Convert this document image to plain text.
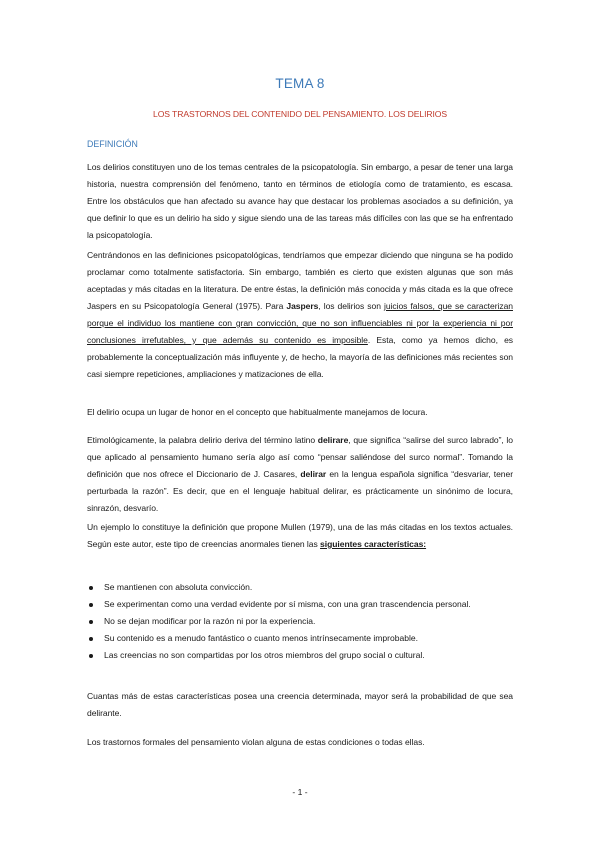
TEMA 8
LOS TRASTORNOS DEL CONTENIDO DEL PENSAMIENTO. LOS DELIRIOS
DEFINICIÓN

Los delirios constituyen uno de los temas centrales de la psicopatología. Sin embargo, a pesar de tener una larga historia, nuestra comprensión del fenómeno, tanto en términos de etiología como de tratamiento, es escasa. Entre los obstáculos que han afectado su avance hay que destacar los problemas asociados a su definición, ya que definir lo que es un delirio ha sido y sigue siendo una de las tareas más difíciles con las que se ha enfrentado la psicopatología.

Centrándonos en las definiciones psicopatológicas, tendríamos que empezar diciendo que ninguna se ha podido proclamar como totalmente satisfactoria. Sin embargo, también es cierto que existen algunas que son más aceptadas y más citadas en la literatura. De entre éstas, la definición más conocida y más citada es la que ofrece Jaspers en su Psicopatología General (1975). Para Jaspers, los delirios son juicios falsos, que se caracterizan porque el individuo los mantiene con gran convicción, que no son influenciables ni por la experiencia ni por conclusiones irrefutables, y que además su contenido es imposible. Esta, como ya hemos dicho, es probablemente la conceptualización más influyente y, de hecho, la mayoría de las definiciones más recientes son casi siempre repeticiones, ampliaciones y matizaciones de ella.

El delirio ocupa un lugar de honor en el concepto que habitualmente manejamos de locura.

Etimológicamente, la palabra delirio deriva del término latino delirare, que significa “salirse del surco labrado”, lo que aplicado al pensamiento humano sería algo así como “pensar saliéndose del surco normal”. Tomando la definición que nos ofrece el Diccionario de J. Casares, delirar en la lengua española significa “desvariar, tener perturbada la razón”. Es decir, que en el lenguaje habitual delirar, es prácticamente un sinónimo de locura, sinrazón, desvarío.

Un ejemplo lo constituye la definición que propone Mullen (1979), una de las más citadas en los textos actuales. Según este autor, este tipo de creencias anormales tienen las siguientes características:

Se mantienen con absoluta convicción.
Se experimentan como una verdad evidente por sí misma, con una gran trascendencia personal.
No se dejan modificar por la razón ni por la experiencia.
Su contenido es a menudo fantástico o cuanto menos intrínsecamente improbable.
Las creencias no son compartidas por los otros miembros del grupo social o cultural.

Cuantas más de estas características posea una creencia determinada, mayor será la probabilidad de que sea delirante.

Los trastornos formales del pensamiento violan alguna de estas condiciones o todas ellas.

- 1 -
